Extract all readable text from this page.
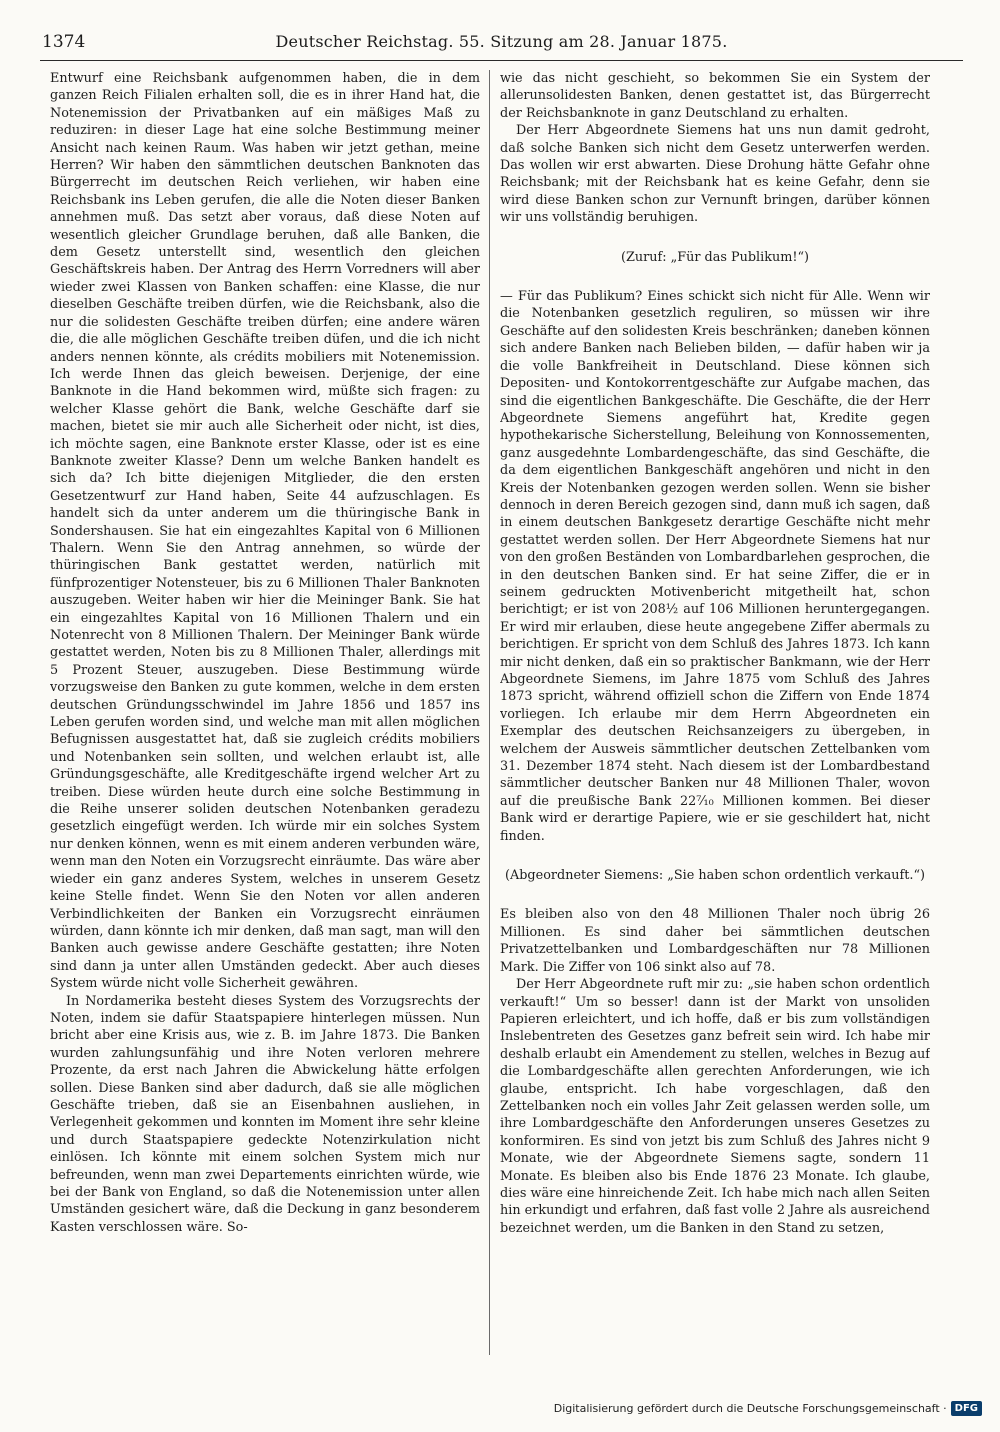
1374	Deutscher Reichstag. 55. Sitzung am 28. Januar 1875.

Entwurf eine Reichsbank aufgenommen haben, die in dem ganzen Reich Filialen erhalten soll, die es in ihrer Hand hat, die Notenemission der Privatbanken auf ein mäßiges Maß zu reduziren: in dieser Lage hat eine solche Bestimmung meiner Ansicht nach keinen Raum. Was haben wir jetzt gethan, meine Herren? Wir haben den sämmtlichen deutschen Banknoten das Bürgerrecht im deutschen Reich verliehen, wir haben eine Reichsbank ins Leben gerufen, die alle die Noten dieser Banken annehmen muß. Das setzt aber voraus, daß diese Noten auf wesentlich gleicher Grundlage beruhen, daß alle Banken, die dem Gesetz unterstellt sind, wesentlich den gleichen Geschäftskreis haben. Der Antrag des Herrn Vorredners will aber wieder zwei Klassen von Banken schaffen: eine Klasse, die nur dieselben Geschäfte treiben dürfen, wie die Reichsbank, also die nur die solidesten Geschäfte treiben dürfen; eine andere wären die, die alle möglichen Geschäfte treiben düfen, und die ich nicht anders nennen könnte, als crédits mobiliers mit Notenemission. Ich werde Ihnen das gleich beweisen. Derjenige, der eine Banknote in die Hand bekommen wird, müßte sich fragen: zu welcher Klasse gehört die Bank, welche Geschäfte darf sie machen, bietet sie mir auch alle Sicherheit oder nicht, ist dies, ich möchte sagen, eine Banknote erster Klasse, oder ist es eine Banknote zweiter Klasse? Denn um welche Banken handelt es sich da? Ich bitte diejenigen Mitglieder, die den ersten Gesetzentwurf zur Hand haben, Seite 44 aufzuschlagen. Es handelt sich da unter anderem um die thüringische Bank in Sondershausen. Sie hat ein eingezahltes Kapital von 6 Millionen Thalern. Wenn Sie den Antrag annehmen, so würde der thüringischen Bank gestattet werden, natürlich mit fünfprozentiger Notensteuer, bis zu 6 Millionen Thaler Banknoten auszugeben. Weiter haben wir hier die Meininger Bank. Sie hat ein eingezahltes Kapital von 16 Millionen Thalern und ein Notenrecht von 8 Millionen Thalern. Der Meininger Bank würde gestattet werden, Noten bis zu 8 Millionen Thaler, allerdings mit 5 Prozent Steuer, auszugeben. Diese Bestimmung würde vorzugsweise den Banken zu gute kommen, welche in dem ersten deutschen Gründungsschwindel im Jahre 1856 und 1857 ins Leben gerufen worden sind, und welche man mit allen möglichen Befugnissen ausgestattet hat, daß sie zugleich crédits mobiliers und Notenbanken sein sollten, und welchen erlaubt ist, alle Gründungsgeschäfte, alle Kreditgeschäfte irgend welcher Art zu treiben. Diese würden heute durch eine solche Bestimmung in die Reihe unserer soliden deutschen Notenbanken geradezu gesetzlich eingefügt werden. Ich würde mir ein solches System nur denken können, wenn es mit einem anderen verbunden wäre, wenn man den Noten ein Vorzugsrecht einräumte. Das wäre aber wieder ein ganz anderes System, welches in unserem Gesetz keine Stelle findet. Wenn Sie den Noten vor allen anderen Verbindlichkeiten der Banken ein Vorzugsrecht einräumen würden, dann könnte ich mir denken, daß man sagt, man will den Banken auch gewisse andere Geschäfte gestatten; ihre Noten sind dann ja unter allen Umständen gedeckt. Aber auch dieses System würde nicht volle Sicherheit gewähren.

In Nordamerika besteht dieses System des Vorzugsrechts der Noten, indem sie dafür Staatspapiere hinterlegen müssen. Nun bricht aber eine Krisis aus, wie z. B. im Jahre 1873. Die Banken wurden zahlungsunfähig und ihre Noten verloren mehrere Prozente, da erst nach Jahren die Abwickelung hätte erfolgen sollen. Diese Banken sind aber dadurch, daß sie alle möglichen Geschäfte trieben, daß sie an Eisenbahnen ausliehen, in Verlegenheit gekommen und konnten im Moment ihre sehr kleine und durch Staatspapiere gedeckte Notenzirkulation nicht einlösen. Ich könnte mit einem solchen System mich nur befreunden, wenn man zwei Departements einrichten würde, wie bei der Bank von England, so daß die Notenemission unter allen Umständen gesichert wäre, daß die Deckung in ganz besonderem Kasten verschlossen wäre. So-

wie das nicht geschieht, so bekommen Sie ein System der allerunsolidesten Banken, denen gestattet ist, das Bürgerrecht der Reichsbanknote in ganz Deutschland zu erhalten.

Der Herr Abgeordnete Siemens hat uns nun damit gedroht, daß solche Banken sich nicht dem Gesetz unterwerfen werden. Das wollen wir erst abwarten. Diese Drohung hätte Gefahr ohne Reichsbank; mit der Reichsbank hat es keine Gefahr, denn sie wird diese Banken schon zur Vernunft bringen, darüber können wir uns vollständig beruhigen.

(Zuruf: „Für das Publikum!“)

— Für das Publikum? Eines schickt sich nicht für Alle. Wenn wir die Notenbanken gesetzlich reguliren, so müssen wir ihre Geschäfte auf den solidesten Kreis beschränken; daneben können sich andere Banken nach Belieben bilden, — dafür haben wir ja die volle Bankfreiheit in Deutschland. Diese können sich Depositen- und Kontokorrentgeschäfte zur Aufgabe machen, das sind die eigentlichen Bankgeschäfte. Die Geschäfte, die der Herr Abgeordnete Siemens angeführt hat, Kredite gegen hypothekarische Sicherstellung, Beleihung von Konnossementen, ganz ausgedehnte Lombardengeschäfte, das sind Geschäfte, die da dem eigentlichen Bankgeschäft angehören und nicht in den Kreis der Notenbanken gezogen werden sollen. Wenn sie bisher dennoch in deren Bereich gezogen sind, dann muß ich sagen, daß in einem deutschen Bankgesetz derartige Geschäfte nicht mehr gestattet werden sollen. Der Herr Abgeordnete Siemens hat nur von den großen Beständen von Lombardbarlehen gesprochen, die in den deutschen Banken sind. Er hat seine Ziffer, die er in seinem gedruckten Motivenbericht mitgetheilt hat, schon berichtigt; er ist von 208½ auf 106 Millionen heruntergegangen. Er wird mir erlauben, diese heute angegebene Ziffer abermals zu berichtigen. Er spricht von dem Schluß des Jahres 1873. Ich kann mir nicht denken, daß ein so praktischer Bankmann, wie der Herr Abgeordnete Siemens, im Jahre 1875 vom Schluß des Jahres 1873 spricht, während offiziell schon die Ziffern von Ende 1874 vorliegen. Ich erlaube mir dem Herrn Abgeordneten ein Exemplar des deutschen Reichsanzeigers zu übergeben, in welchem der Ausweis sämmtlicher deutschen Zettelbanken vom 31. Dezember 1874 steht. Nach diesem ist der Lombardbestand sämmtlicher deutscher Banken nur 48 Millionen Thaler, wovon auf die preußische Bank 22⁷⁄₁₀ Millionen kommen. Bei dieser Bank wird er derartige Papiere, wie er sie geschildert hat, nicht finden.

(Abgeordneter Siemens: „Sie haben schon ordentlich verkauft.“)

Es bleiben also von den 48 Millionen Thaler noch übrig 26 Millionen. Es sind daher bei sämmtlichen deutschen Privatzettelbanken und Lombardgeschäften nur 78 Millionen Mark. Die Ziffer von 106 sinkt also auf 78.

Der Herr Abgeordnete ruft mir zu: „sie haben schon ordentlich verkauft!“ Um so besser! dann ist der Markt von unsoliden Papieren erleichtert, und ich hoffe, daß er bis zum vollständigen Inslebentreten des Gesetzes ganz befreit sein wird. Ich habe mir deshalb erlaubt ein Amendement zu stellen, welches in Bezug auf die Lombardgeschäfte allen gerechten Anforderungen, wie ich glaube, entspricht. Ich habe vorgeschlagen, daß den Zettelbanken noch ein volles Jahr Zeit gelassen werden solle, um ihre Lombardgeschäfte den Anforderungen unseres Gesetzes zu konformiren. Es sind von jetzt bis zum Schluß des Jahres nicht 9 Monate, wie der Abgeordnete Siemens sagte, sondern 11 Monate. Es bleiben also bis Ende 1876 23 Monate. Ich glaube, dies wäre eine hinreichende Zeit. Ich habe mich nach allen Seiten hin erkundigt und erfahren, daß fast volle 2 Jahre als ausreichend bezeichnet werden, um die Banken in den Stand zu setzen,

Digitalisierung gefördert durch die Deutsche Forschungsgemeinschaft · DFG
